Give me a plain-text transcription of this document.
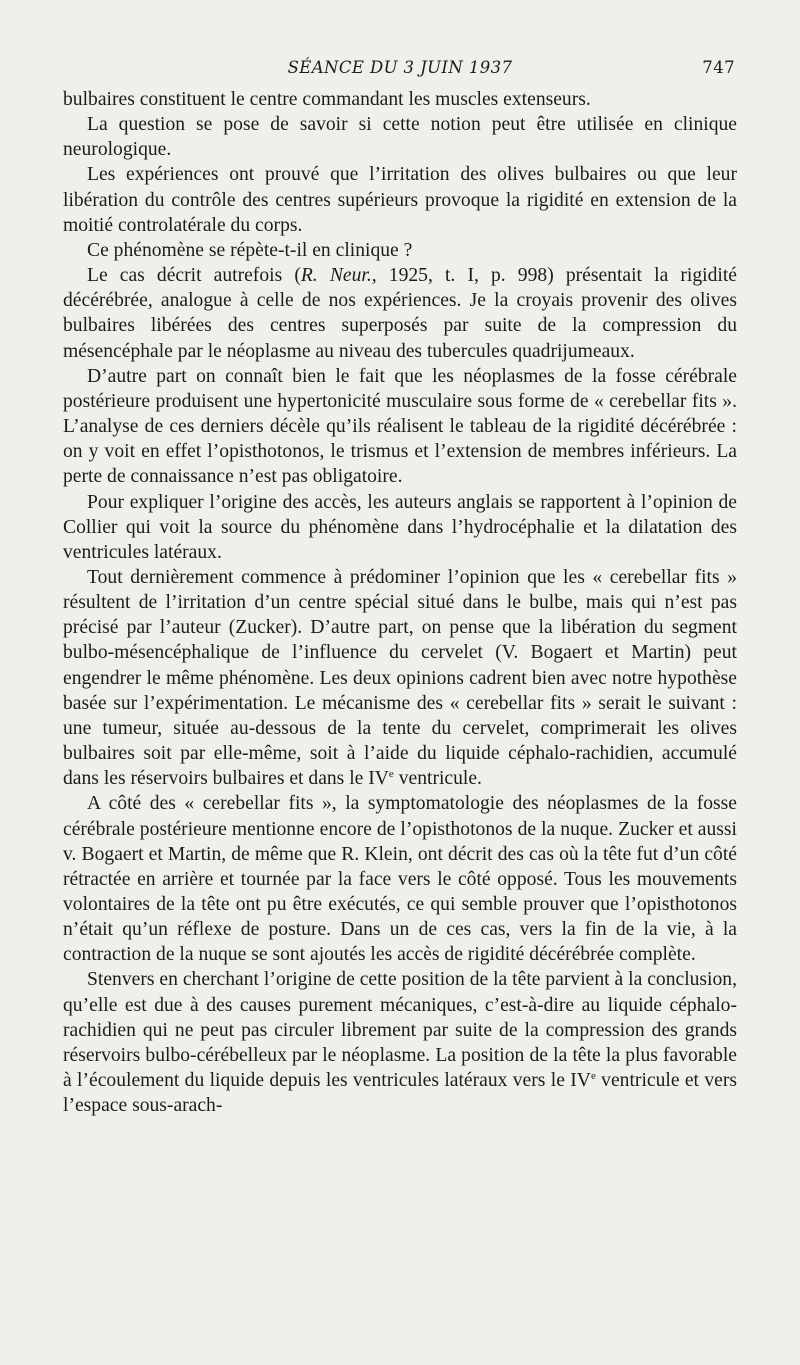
SÉANCE DU 3 JUIN 1937	747

bulbaires constituent le centre commandant les muscles extenseurs.

La question se pose de savoir si cette notion peut être utilisée en clinique neurologique.

Les expériences ont prouvé que l’irritation des olives bulbaires ou que leur libération du contrôle des centres supérieurs provoque la rigidité en extension de la moitié controlatérale du corps.

Ce phénomène se répète-t-il en clinique ?

Le cas décrit autrefois (R. Neur., 1925, t. I, p. 998) présentait la rigidité décérébrée, analogue à celle de nos expériences. Je la croyais provenir des olives bulbaires libérées des centres superposés par suite de la compression du mésencéphale par le néoplasme au niveau des tubercules quadrijumeaux.

D’autre part on connaît bien le fait que les néoplasmes de la fosse cérébrale postérieure produisent une hypertonicité musculaire sous forme de « cerebellar fits ». L’analyse de ces derniers décèle qu’ils réalisent le tableau de la rigidité décérébrée : on y voit en effet l’opisthotonos, le trismus et l’extension de membres inférieurs. La perte de connaissance n’est pas obligatoire.

Pour expliquer l’origine des accès, les auteurs anglais se rapportent à l’opinion de Collier qui voit la source du phénomène dans l’hydrocéphalie et la dilatation des ventricules latéraux.

Tout dernièrement commence à prédominer l’opinion que les « cerebellar fits » résultent de l’irritation d’un centre spécial situé dans le bulbe, mais qui n’est pas précisé par l’auteur (Zucker). D’autre part, on pense que la libération du segment bulbo-mésencéphalique de l’influence du cervelet (V. Bogaert et Martin) peut engendrer le même phénomène. Les deux opinions cadrent bien avec notre hypothèse basée sur l’expérimentation. Le mécanisme des « cerebellar fits » serait le suivant : une tumeur, située au-dessous de la tente du cervelet, comprimerait les olives bulbaires soit par elle-même, soit à l’aide du liquide céphalo-rachidien, accumulé dans les réservoirs bulbaires et dans le IVe ventricule.

A côté des « cerebellar fits », la symptomatologie des néoplasmes de la fosse cérébrale postérieure mentionne encore de l’opisthotonos de la nuque. Zucker et aussi v. Bogaert et Martin, de même que R. Klein, ont décrit des cas où la tête fut d’un côté rétractée en arrière et tournée par la face vers le côté opposé. Tous les mouvements volontaires de la tête ont pu être exécutés, ce qui semble prouver que l’opisthotonos n’était qu’un réflexe de posture. Dans un de ces cas, vers la fin de la vie, à la contraction de la nuque se sont ajoutés les accès de rigidité décérébrée complète.

Stenvers en cherchant l’origine de cette position de la tête parvient à la conclusion, qu’elle est due à des causes purement mécaniques, c’est-à-dire au liquide céphalo-rachidien qui ne peut pas circuler librement par suite de la compression des grands réservoirs bulbo-cérébelleux par le néoplasme. La position de la tête la plus favorable à l’écoulement du liquide depuis les ventricules latéraux vers le IVe ventricule et vers l’espace sous-arach-
